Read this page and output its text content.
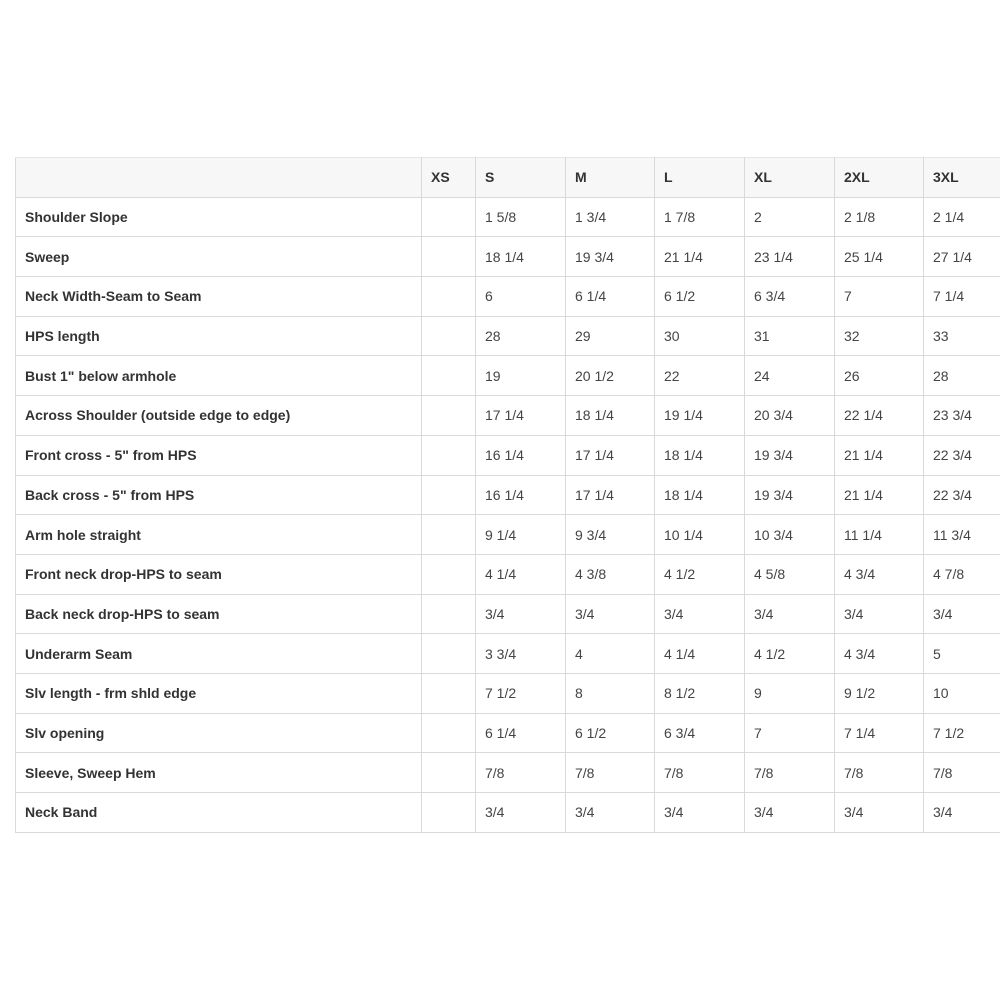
	XS	S	M	L	XL	2XL	3XL
Shoulder Slope		1 5/8	1 3/4	1 7/8	2	2 1/8	2 1/4
Sweep		18 1/4	19 3/4	21 1/4	23 1/4	25 1/4	27 1/4
Neck Width-Seam to Seam		6	6 1/4	6 1/2	6 3/4	7	7 1/4
HPS length		28	29	30	31	32	33
Bust 1" below armhole		19	20 1/2	22	24	26	28
Across Shoulder (outside edge to edge)		17 1/4	18 1/4	19 1/4	20 3/4	22 1/4	23 3/4
Front cross - 5" from HPS		16 1/4	17 1/4	18 1/4	19 3/4	21 1/4	22 3/4
Back cross - 5" from HPS		16 1/4	17 1/4	18 1/4	19 3/4	21 1/4	22 3/4
Arm hole straight		9 1/4	9 3/4	10 1/4	10 3/4	11 1/4	11 3/4
Front neck drop-HPS to seam		4 1/4	4 3/8	4 1/2	4 5/8	4 3/4	4 7/8
Back neck drop-HPS to seam		3/4	3/4	3/4	3/4	3/4	3/4
Underarm Seam		3 3/4	4	4 1/4	4 1/2	4 3/4	5
Slv length - frm shld edge		7 1/2	8	8 1/2	9	9 1/2	10
Slv opening		6 1/4	6 1/2	6 3/4	7	7 1/4	7 1/2
Sleeve, Sweep Hem		7/8	7/8	7/8	7/8	7/8	7/8
Neck Band		3/4	3/4	3/4	3/4	3/4	3/4
